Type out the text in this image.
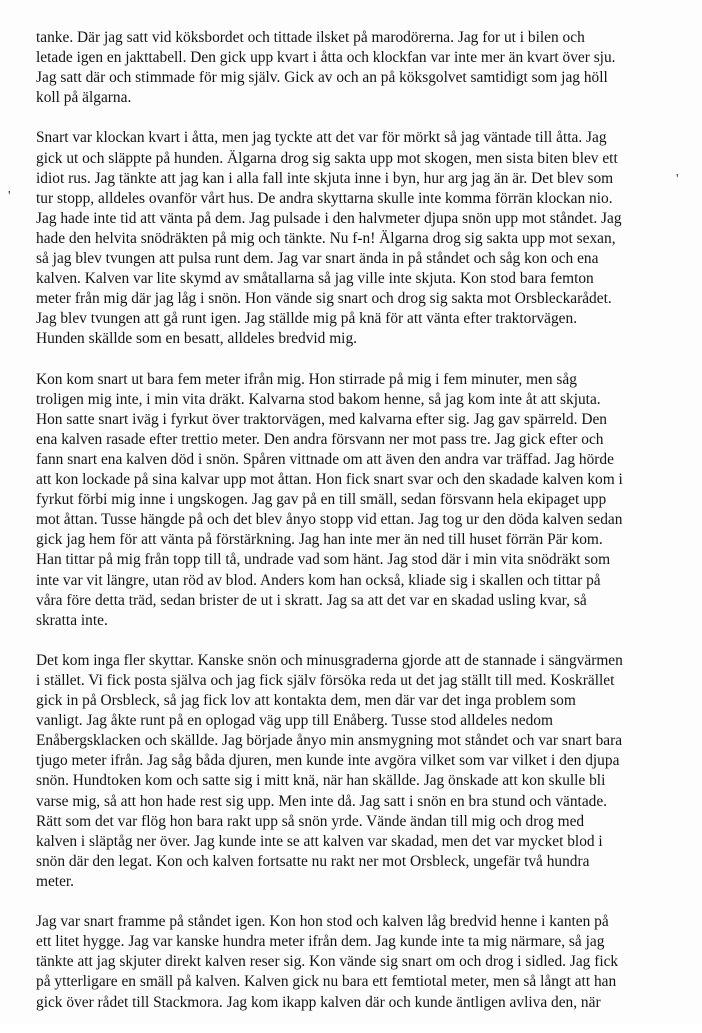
'
'

tanke. Där jag satt vid köksbordet och tittade ilsket på marodörerna. Jag for ut i bilen och
letade igen en jakttabell. Den gick upp kvart i åtta och klockfan var inte mer än kvart över sju.
Jag satt där och stimmade för mig själv. Gick av och an på köksgolvet samtidigt som jag höll
koll på älgarna.

Snart var klockan kvart i åtta, men jag tyckte att det var för mörkt så jag väntade till åtta. Jag
gick ut och släppte på hunden. Älgarna drog sig sakta upp mot skogen, men sista biten blev ett
idiot rus. Jag tänkte att jag kan i alla fall inte skjuta inne i byn, hur arg jag än är. Det blev som
tur stopp, alldeles ovanför vårt hus. De andra skyttarna skulle inte komma förrän klockan nio.
Jag hade inte tid att vänta på dem. Jag pulsade i den halvmeter djupa snön upp mot ståndet. Jag
hade den helvita snödräkten på mig och tänkte. Nu f-n! Älgarna drog sig sakta upp mot sexan,
så jag blev tvungen att pulsa runt dem. Jag var snart ända in på ståndet och såg kon och ena
kalven. Kalven var lite skymd av småtallarna så jag ville inte skjuta. Kon stod bara femton
meter från mig där jag låg i snön. Hon vände sig snart och drog sig sakta mot Orsbleckarådet.
Jag blev tvungen att gå runt igen. Jag ställde mig på knä för att vänta efter traktorvägen.
Hunden skällde som en besatt, alldeles bredvid mig.

Kon kom snart ut bara fem meter ifrån mig. Hon stirrade på mig i fem minuter, men såg
troligen mig inte, i min vita dräkt. Kalvarna stod bakom henne, så jag kom inte åt att skjuta.
Hon satte snart iväg i fyrkut över traktorvägen, med kalvarna efter sig. Jag gav spärreld. Den
ena kalven rasade efter trettio meter. Den andra försvann ner mot pass tre. Jag gick efter och
fann snart ena kalven död i snön. Spåren vittnade om att även den andra var träffad. Jag hörde
att kon lockade på sina kalvar upp mot åttan. Hon fick snart svar och den skadade kalven kom i
fyrkut förbi mig inne i ungskogen. Jag gav på en till smäll, sedan försvann hela ekipaget upp
mot åttan. Tusse hängde på och det blev ånyo stopp vid ettan. Jag tog ur den döda kalven sedan
gick jag hem för att vänta på förstärkning. Jag han inte mer än ned till huset förrän Pär kom.
Han tittar på mig från topp till tå, undrade vad som hänt. Jag stod där i min vita snödräkt som
inte var vit längre, utan röd av blod. Anders kom han också, kliade sig i skallen och tittar på
våra före detta träd, sedan brister de ut i skratt. Jag sa att det var en skadad usling kvar, så
skratta inte.

Det kom inga fler skyttar. Kanske snön och minusgraderna gjorde att de stannade i sängvärmen
i stället. Vi fick posta själva och jag fick själv försöka reda ut det jag ställt till med. Koskrället
gick in på Orsbleck, så jag fick lov att kontakta dem, men där var det inga problem som
vanligt. Jag åkte runt på en oplogad väg upp till Enåberg. Tusse stod alldeles nedom
Enåbergsklacken och skällde. Jag började ånyo min ansmygning mot ståndet och var snart bara
tjugo meter ifrån. Jag såg båda djuren, men kunde inte avgöra vilket som var vilket i den djupa
snön. Hundtoken kom och satte sig i mitt knä, när han skällde. Jag önskade att kon skulle bli
varse mig, så att hon hade rest sig upp. Men inte då. Jag satt i snön en bra stund och väntade.
Rätt som det var flög hon bara rakt upp så snön yrde. Vände ändan till mig och drog med
kalven i släptåg ner över. Jag kunde inte se att kalven var skadad, men det var mycket blod i
snön där den legat. Kon och kalven fortsatte nu rakt ner mot Orsbleck, ungefär två hundra
meter.

Jag var snart framme på ståndet igen. Kon hon stod och kalven låg bredvid henne i kanten på
ett litet hygge. Jag var kanske hundra meter ifrån dem. Jag kunde inte ta mig närmare, så jag
tänkte att jag skjuter direkt kalven reser sig. Kon vände sig snart om och drog i sidled. Jag fick
på ytterligare en smäll på kalven. Kalven gick nu bara ett femtiotal meter, men så långt att han
gick över rådet till Stackmora. Jag kom ikapp kalven där och kunde äntligen avliva den, när
